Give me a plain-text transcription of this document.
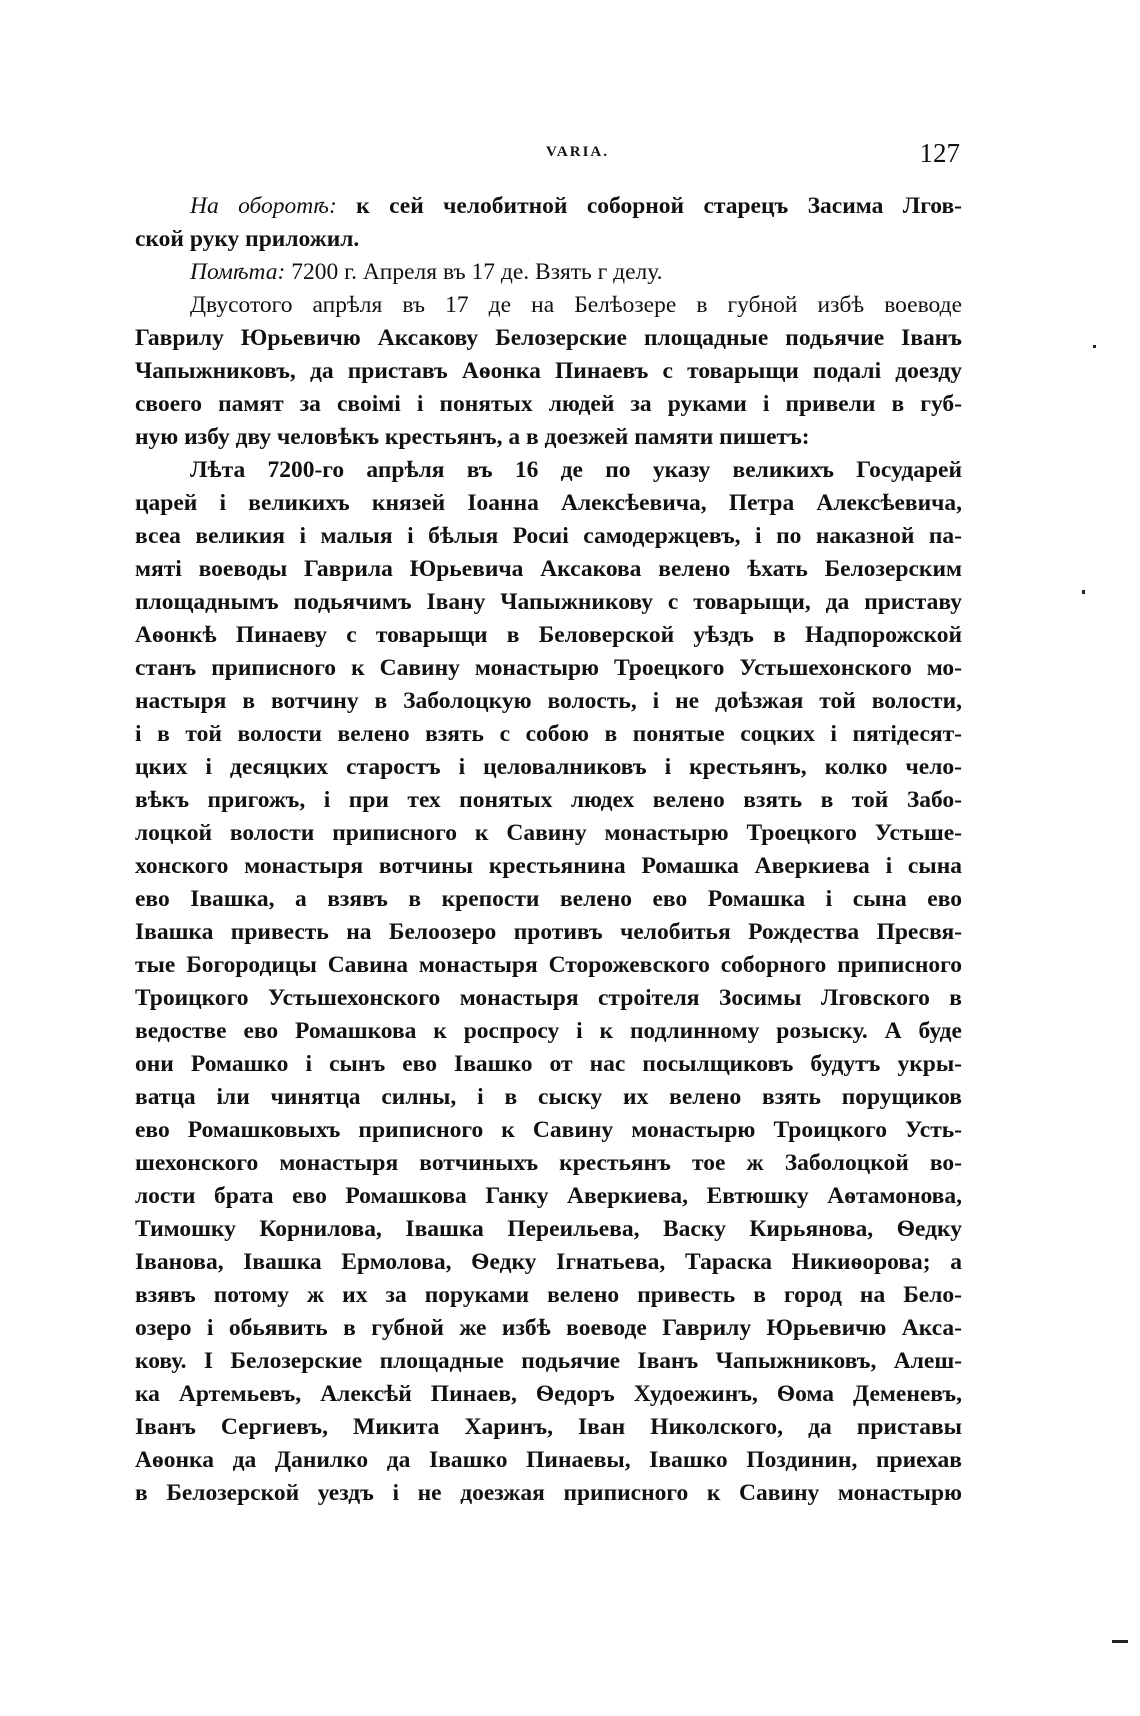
VARIA.	127
На оборотѣ: к сей челобитной соборной старецъ Засима Лгов-
ской руку приложил.
Помѣта: 7200 г. Апреля въ 17 де. Взять г делу.
Двусотого апрѣля въ 17 де на Белѣозере в губной избѣ воеводе
Гаврилу Юрьевичю Аксакову Белозерские площадные подьячие Іванъ
Чапыжниковъ, да приставъ Аѳонка Пинаевъ с товарыщи подалі доезду
своего памят за своімі і понятых людей за руками і привели в губ-
ную избу дву человѣкъ крестьянъ, а в доезжей памяти пишетъ:
Лѣта 7200-го апрѣля въ 16 де по указу великихъ Государей
царей і великихъ князей Іоанна Алексѣевича, Петра Алексѣевича,
всеа великия і малыя і бѣлыя Росиі самодержцевъ, і по наказной па-
мяті воеводы Гаврила Юрьевича Аксакова велено ѣхать Белозерским
площаднымъ подьячимъ Івану Чапыжникову с товарыщи, да приставу
Аѳонкѣ Пинаеву с товарыщи в Беловерской уѣздъ в Надпорожской
станъ приписного к Савину монастырю Троецкого Устьшехонского мо-
настыря в вотчину в Заболоцкую волость, і не доѣзжая той волости,
і в той волости велено взять с собою в понятые соцких і пятідесят-
цких і десяцких старостъ і целовалниковъ і крестьянъ, колко чело-
вѣкъ пригожъ, і при тех понятых людех велено взять в той Забо-
лоцкой волости приписного к Савину монастырю Троецкого Устьше-
хонского монастыря вотчины крестьянина Ромашка Аверкиева і сына
ево Івашка, а взявъ в крепости велено ево Ромашка і сына ево
Івашка привесть на Белоозеро противъ челобитья Рождества Пресвя-
тые Богородицы Савина монастыря Сторожевского соборного приписного
Троицкого Устьшехонского монастыря строітеля Зосимы Лговского в
ведостве ево Ромашкова к роспросу і к подлинному розыску. А буде
они Ромашко і сынъ ево Івашко от нас посылщиковъ будутъ укры-
ватца іли чинятца силны, і в сыску их велено взять порущиков
ево Ромашковыхъ приписного к Савину монастырю Троицкого Усть-
шехонского монастыря вотчиныхъ крестьянъ тое ж Заболоцкой во-
лости брата ево Ромашкова Ганку Аверкиева, Евтюшку Аѳтамонова,
Тимошку Корнилова, Івашка Переильева, Васку Кирьянова, Ѳедку
Іванова, Івашка Ермолова, Ѳедку Ігнатьева, Тараска Никиѳорова; а
взявъ потому ж их за поруками велено привесть в город на Бело-
озеро і обьявить в губной же избѣ воеводе Гаврилу Юрьевичю Акса-
кову. І Белозерские площадные подьячие Іванъ Чапыжниковъ, Алеш-
ка Артемьевъ, Алексѣй Пинаев, Ѳедоръ Худоежинъ, Ѳома Деменевъ,
Іванъ Сергиевъ, Микита Харинъ, Іван Николского, да приставы
Аѳонка да Данилко да Івашко Пинаевы, Івашко Поздинин, приехав
в Белозерской уездъ і не доезжая приписного к Савину монастырю
